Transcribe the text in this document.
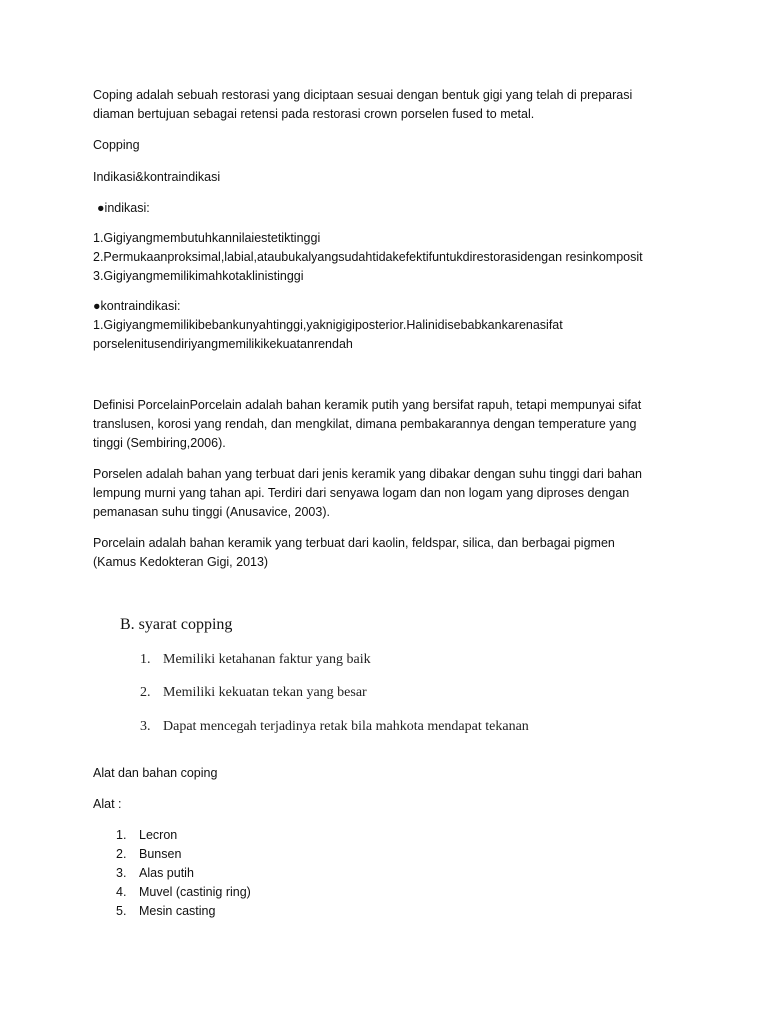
Coping adalah sebuah restorasi yang diciptaan sesuai dengan bentuk gigi yang telah di preparasi
diaman bertujuan sebagai retensi pada restorasi crown porselen fused to metal.
Copping
Indikasi&kontraindikasi
●indikasi:
1.Gigiyangmembutuhkannilaiestetiktinggi
2.Permukaanproksimal,labial,ataubukalyangsudahtidakefektifuntukdirestorasidengan resinkomposit
3.Gigiyangmemilikimahkotaklinistinggi
●kontraindikasi:
1.Gigiyangmemilikibebankunyahtinggi,yaknigigiposterior.Halinidisebabkankarenasifat
porselenitusendiriyangmemilikikekuatanrendah
Definisi PorcelainPorcelain adalah bahan keramik putih yang bersifat rapuh, tetapi mempunyai sifat
translusen, korosi yang rendah, dan mengkilat, dimana pembakarannya dengan temperature yang
tinggi (Sembiring,2006).
Porselen adalah bahan yang terbuat dari jenis keramik yang dibakar dengan suhu tinggi dari bahan
lempung murni yang tahan api. Terdiri dari senyawa logam dan non logam yang diproses dengan
pemanasan suhu tinggi (Anusavice, 2003).
Porcelain adalah bahan keramik yang terbuat dari kaolin, feldspar, silica, dan berbagai pigmen
(Kamus Kedokteran Gigi, 2013)
B. syarat copping
1. Memiliki ketahanan faktur yang baik
2. Memiliki kekuatan tekan yang besar
3. Dapat mencegah terjadinya retak bila mahkota mendapat tekanan
Alat dan bahan coping
Alat :
1. Lecron
2. Bunsen
3. Alas putih
4. Muvel (castinig ring)
5. Mesin casting
